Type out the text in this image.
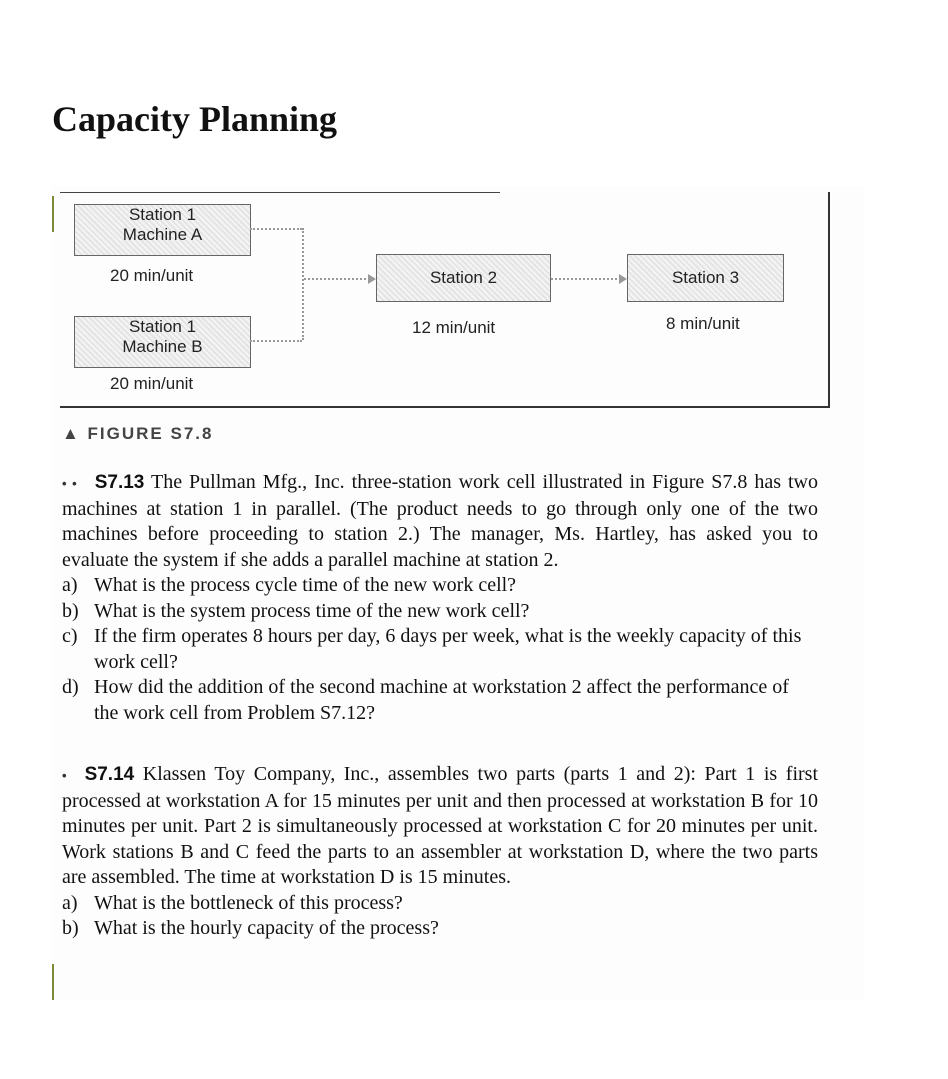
Capacity Planning
Station 1
Machine A
20 min/unit
Station 1
Machine B
20 min/unit
Station 2
12 min/unit
Station 3
8 min/unit
▲ FIGURE S7.8

• • S7.13 The Pullman Mfg., Inc. three-station work cell illustrated in Figure S7.8 has two machines at station 1 in parallel. (The product needs to go through only one of the two machines before proceeding to station 2.) The manager, Ms. Hartley, has asked you to evaluate the system if she adds a parallel machine at station 2.

a) What is the process cycle time of the new work cell?
b) What is the system process time of the new work cell?
c) If the firm operates 8 hours per day, 6 days per week, what is the weekly capacity of this work cell?
d) How did the addition of the second machine at workstation 2 affect the performance of the work cell from Problem S7.12?

• S7.14 Klassen Toy Company, Inc., assembles two parts (parts 1 and 2): Part 1 is first processed at workstation A for 15 minutes per unit and then processed at workstation B for 10 minutes per unit. Part 2 is simultaneously processed at workstation C for 20 minutes per unit. Work stations B and C feed the parts to an assembler at workstation D, where the two parts are assembled. The time at workstation D is 15 minutes.

a) What is the bottleneck of this process?
b) What is the hourly capacity of the process?
